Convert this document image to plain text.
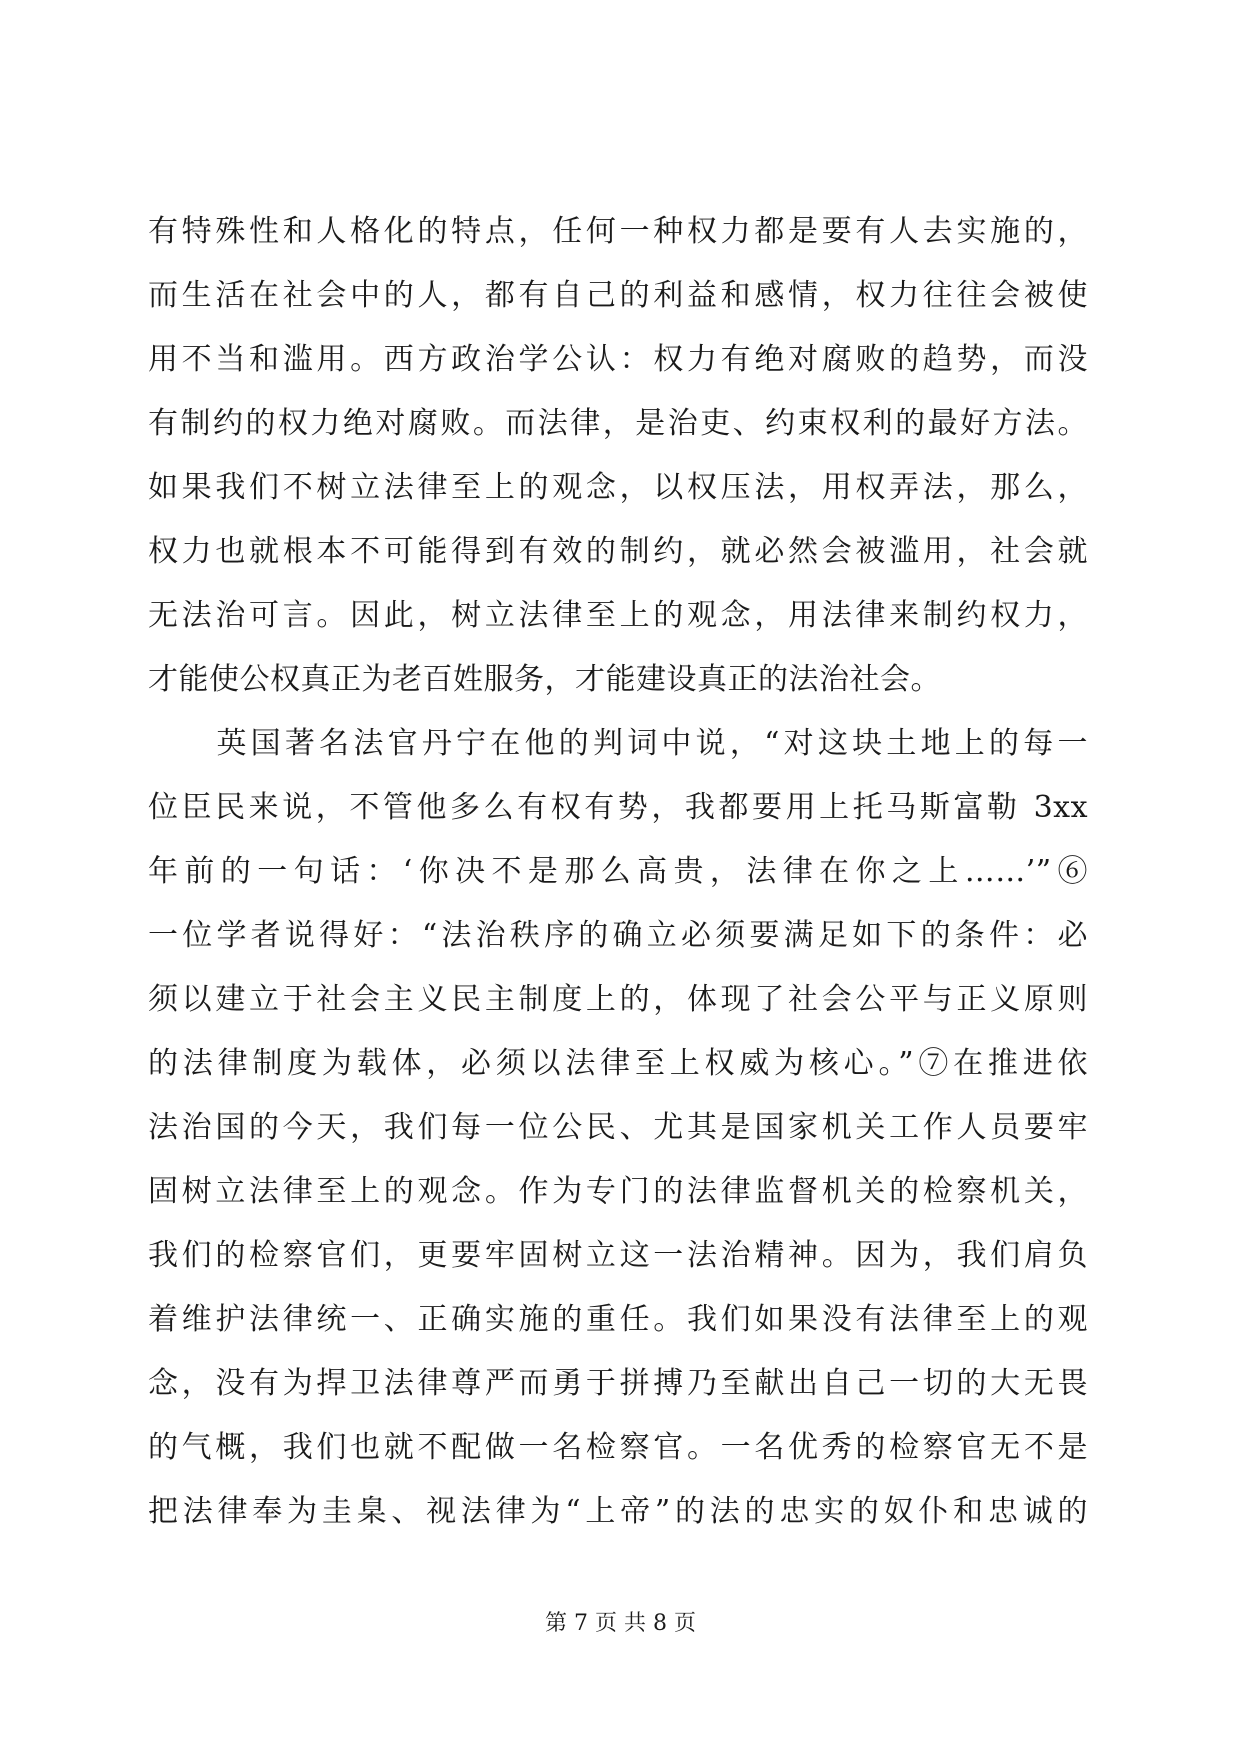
有特殊性和人格化的特点，任何一种权力都是要有人去实施的，
而生活在社会中的人，都有自己的利益和感情，权力往往会被使
用不当和滥用。西方政治学公认：权力有绝对腐败的趋势，而没
有制约的权力绝对腐败。而法律，是治吏、约束权利的最好方法。
如果我们不树立法律至上的观念，以权压法，用权弄法，那么，
权力也就根本不可能得到有效的制约，就必然会被滥用，社会就
无法治可言。因此，树立法律至上的观念，用法律来制约权力，
才能使公权真正为老百姓服务，才能建设真正的法治社会。
　　英国著名法官丹宁在他的判词中说，“对这块土地上的每一
位臣民来说，不管他多么有权有势，我都要用上托马斯富勒 3xx
年前的一句话：‘你决不是那么高贵，法律在你之上……’”⑥
一位学者说得好：“法治秩序的确立必须要满足如下的条件：必
须以建立于社会主义民主制度上的，体现了社会公平与正义原则
的法律制度为载体，必须以法律至上权威为核心。”⑦在推进依
法治国的今天，我们每一位公民、尤其是国家机关工作人员要牢
固树立法律至上的观念。作为专门的法律监督机关的检察机关，
我们的检察官们，更要牢固树立这一法治精神。因为，我们肩负
着维护法律统一、正确实施的重任。我们如果没有法律至上的观
念，没有为捍卫法律尊严而勇于拼搏乃至献出自己一切的大无畏
的气概，我们也就不配做一名检察官。一名优秀的检察官无不是
把法律奉为圭臬、视法律为“上帝”的法的忠实的奴仆和忠诚的
第 7 页 共 8 页
